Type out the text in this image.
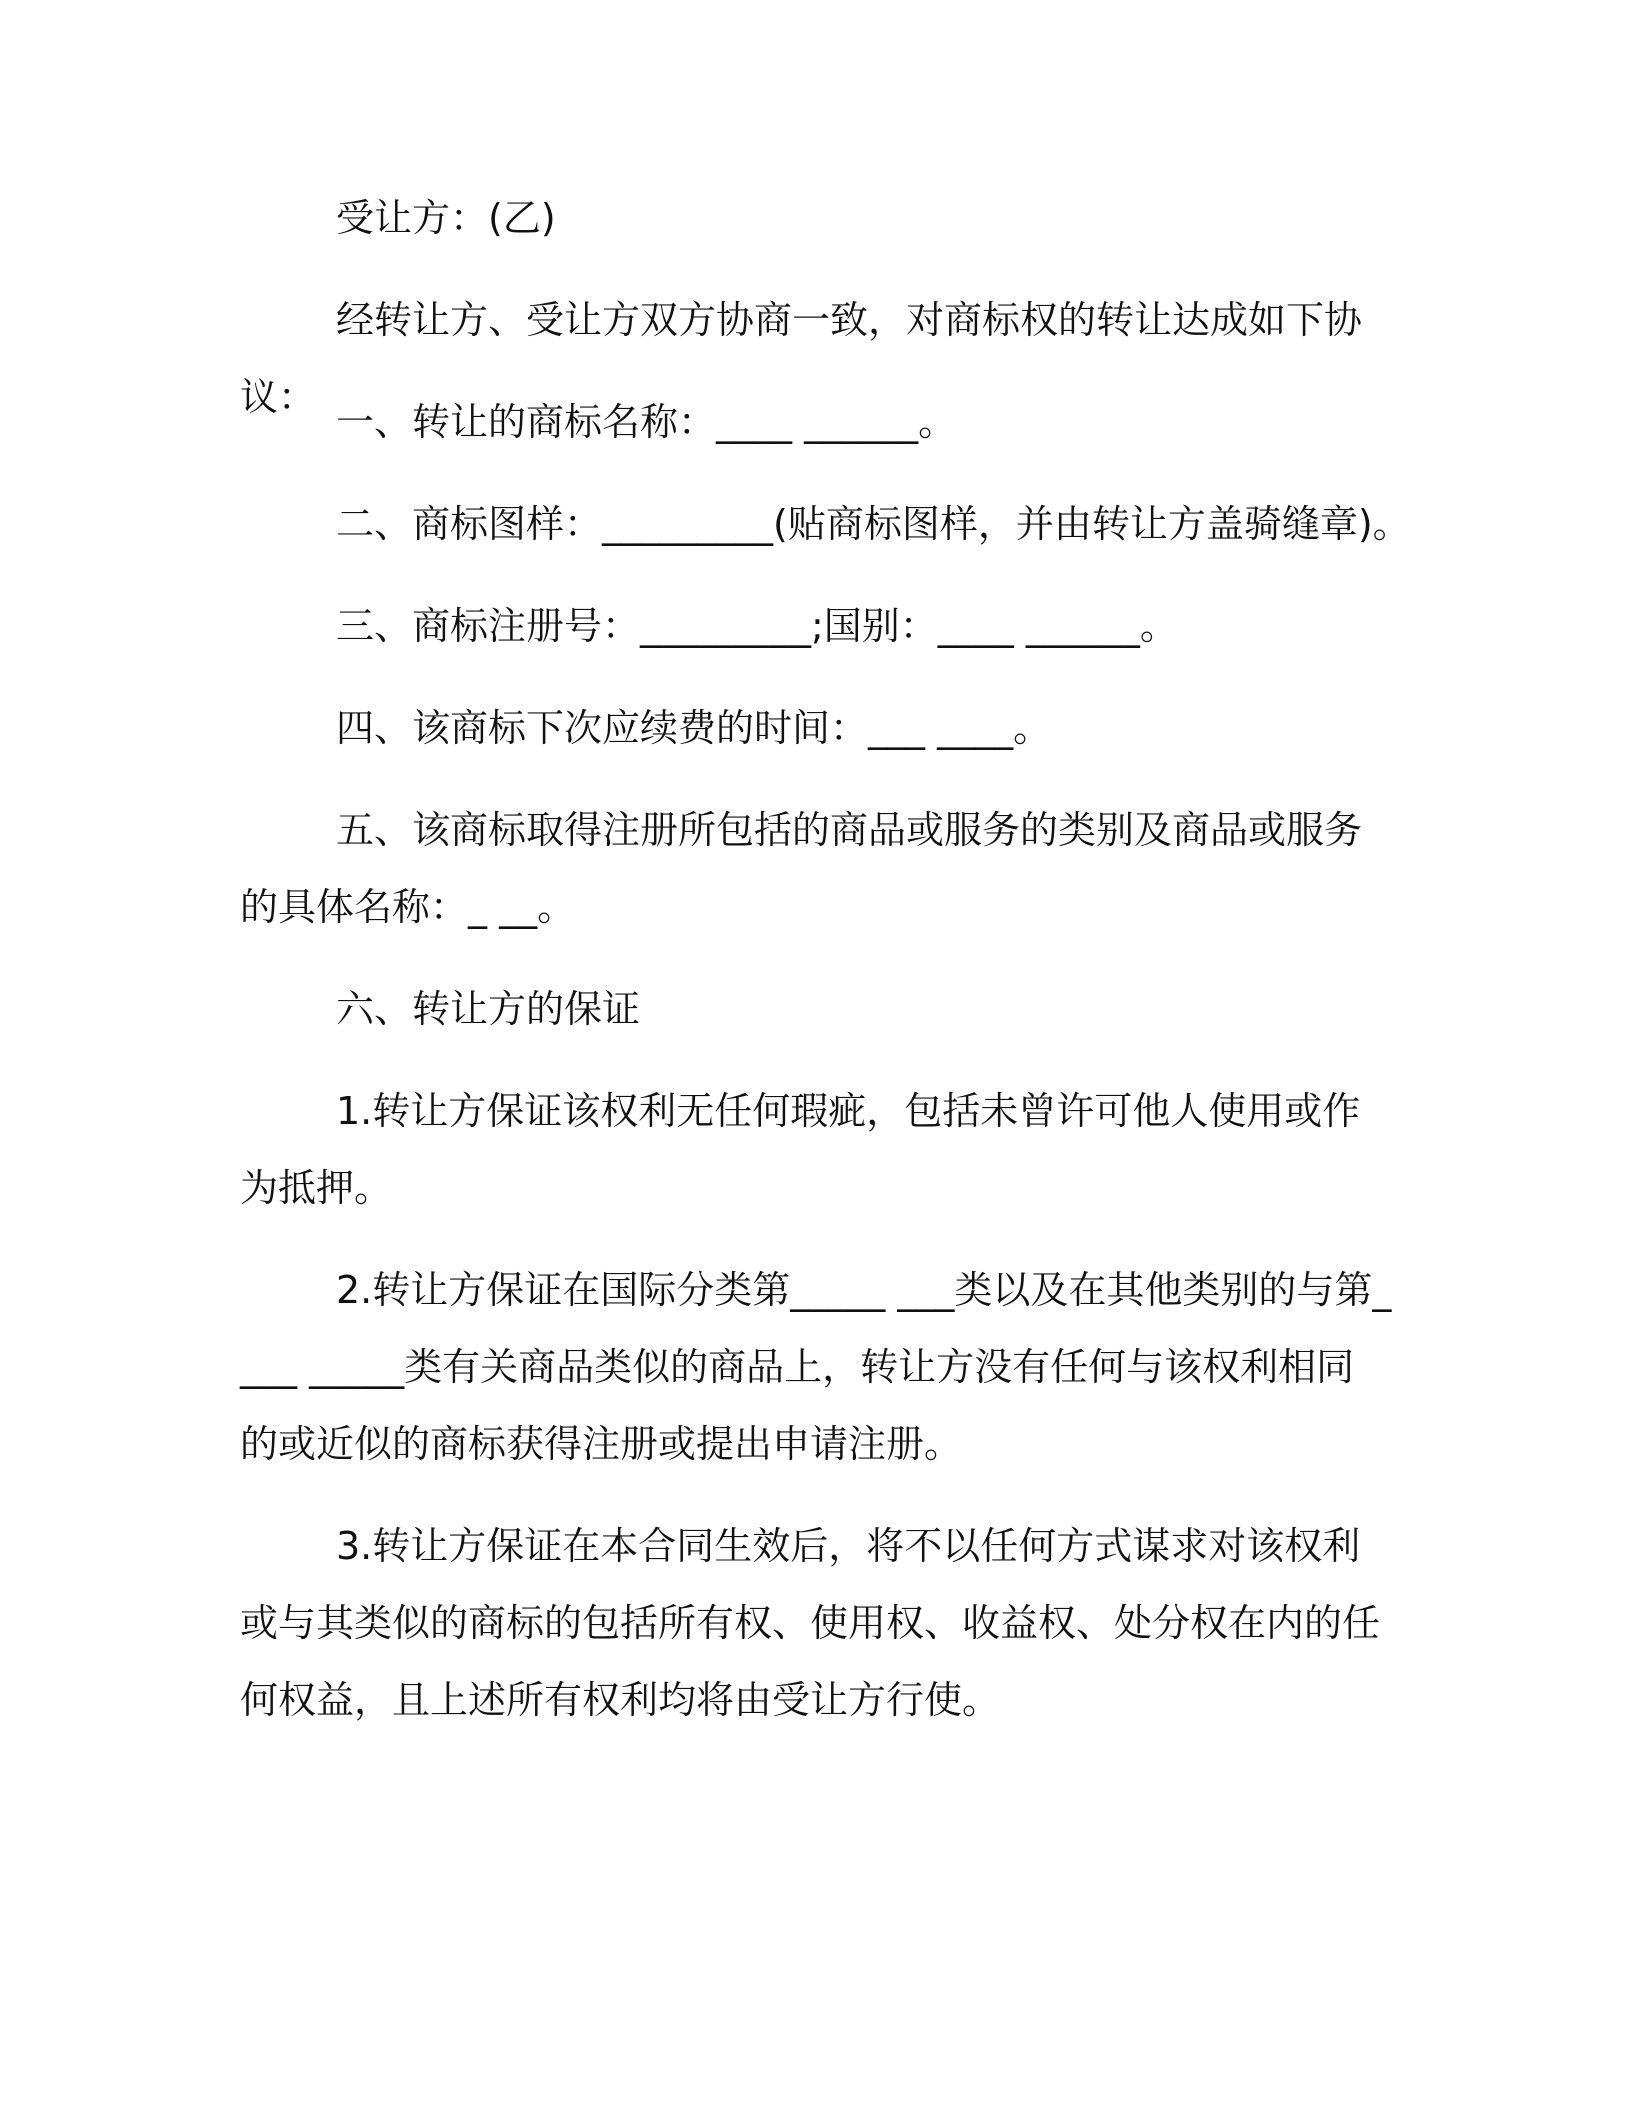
受让方：(乙)

经转让方、受让方双方协商一致，对商标权的转让达成如下协议：

一、转让的商标名称：____ ______。

二、商标图样：_________(贴商标图样，并由转让方盖骑缝章)。

三、商标注册号：_________;国别：____ ______。

四、该商标下次应续费的时间：___ ____。

五、该商标取得注册所包括的商品或服务的类别及商品或服务的具体名称：_ __。

六、转让方的保证

1.转让方保证该权利无任何瑕疵，包括未曾许可他人使用或作为抵押。

2.转让方保证在国际分类第_____ ___类以及在其他类别的与第____ _____类有关商品类似的商品上，转让方没有任何与该权利相同的或近似的商标获得注册或提出申请注册。

3.转让方保证在本合同生效后，将不以任何方式谋求对该权利或与其类似的商标的包括所有权、使用权、收益权、处分权在内的任何权益，且上述所有权利均将由受让方行使。
